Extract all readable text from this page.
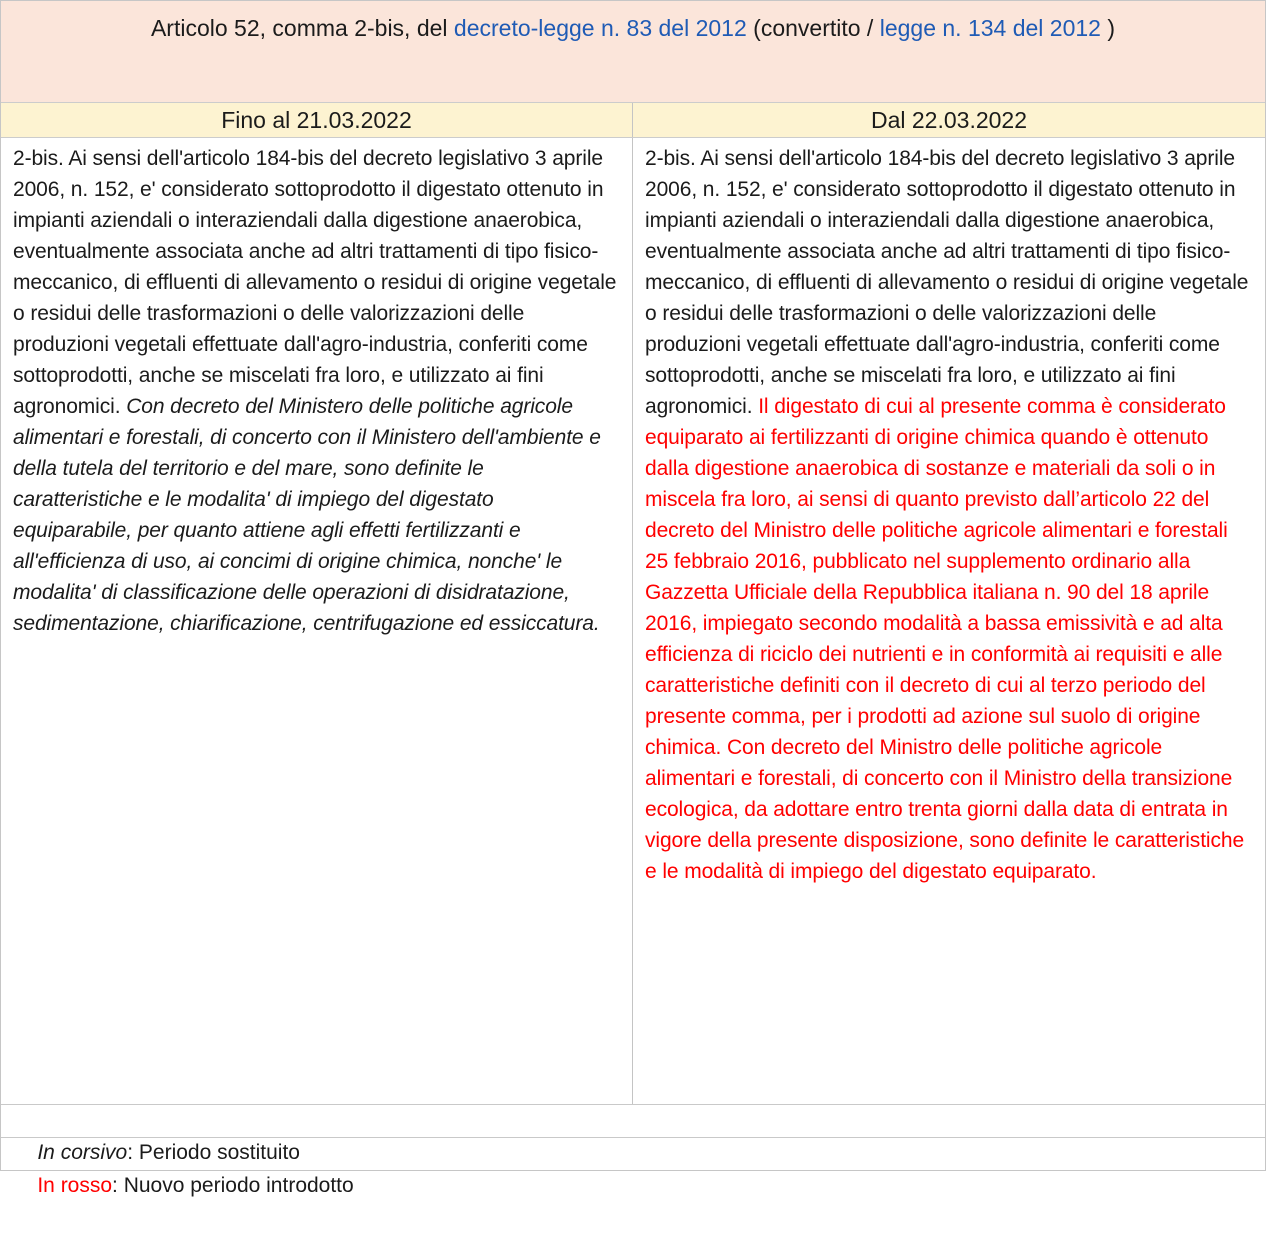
Articolo 52, comma 2-bis, del decreto-legge n. 83 del 2012 (convertito / legge n. 134 del 2012 )
Fino al 21.03.2022	Dal 22.03.2022
2-bis. Ai sensi dell'articolo 184-bis del decreto legislativo 3 aprile 2006, n. 152, e' considerato sottoprodotto il digestato ottenuto in impianti aziendali o interaziendali dalla digestione anaerobica, eventualmente associata anche ad altri trattamenti di tipo fisico-meccanico, di effluenti di allevamento o residui di origine vegetale o residui delle trasformazioni o delle valorizzazioni delle produzioni vegetali effettuate dall'agro-industria, conferiti come sottoprodotti, anche se miscelati fra loro, e utilizzato ai fini agronomici. Con decreto del Ministero delle politiche agricole alimentari e forestali, di concerto con il Ministero dell'ambiente e della tutela del territorio e del mare, sono definite le caratteristiche e le modalita' di impiego del digestato equiparabile, per quanto attiene agli effetti fertilizzanti e all'efficienza di uso, ai concimi di origine chimica, nonche' le modalita' di classificazione delle operazioni di disidratazione, sedimentazione, chiarificazione, centrifugazione ed essiccatura.
2-bis. Ai sensi dell'articolo 184-bis del decreto legislativo 3 aprile 2006, n. 152, e' considerato sottoprodotto il digestato ottenuto in impianti aziendali o interaziendali dalla digestione anaerobica, eventualmente associata anche ad altri trattamenti di tipo fisico-meccanico, di effluenti di allevamento o residui di origine vegetale o residui delle trasformazioni o delle valorizzazioni delle produzioni vegetali effettuate dall'agro-industria, conferiti come sottoprodotti, anche se miscelati fra loro, e utilizzato ai fini agronomici. Il digestato di cui al presente comma è considerato equiparato ai fertilizzanti di origine chimica quando è ottenuto dalla digestione anaerobica di sostanze e materiali da soli o in miscela fra loro, ai sensi di quanto previsto dall’articolo 22 del decreto del Ministro delle politiche agricole alimentari e forestali 25 febbraio 2016, pubblicato nel supplemento ordinario alla Gazzetta Ufficiale della Repubblica italiana n. 90 del 18 aprile 2016, impiegato secondo modalità a bassa emissività e ad alta efficienza di riciclo dei nutrienti e in conformità ai requisiti e alle caratteristiche definiti con il decreto di cui al terzo periodo del presente comma, per i prodotti ad azione sul suolo di origine chimica. Con decreto del Ministro delle politiche agricole alimentari e forestali, di concerto con il Ministro della transizione ecologica, da adottare entro trenta giorni dalla data di entrata in vigore della presente disposizione, sono definite le caratteristiche e le modalità di impiego del digestato equiparato.

In corsivo: Periodo sostituito

In rosso: Nuovo periodo introdotto
